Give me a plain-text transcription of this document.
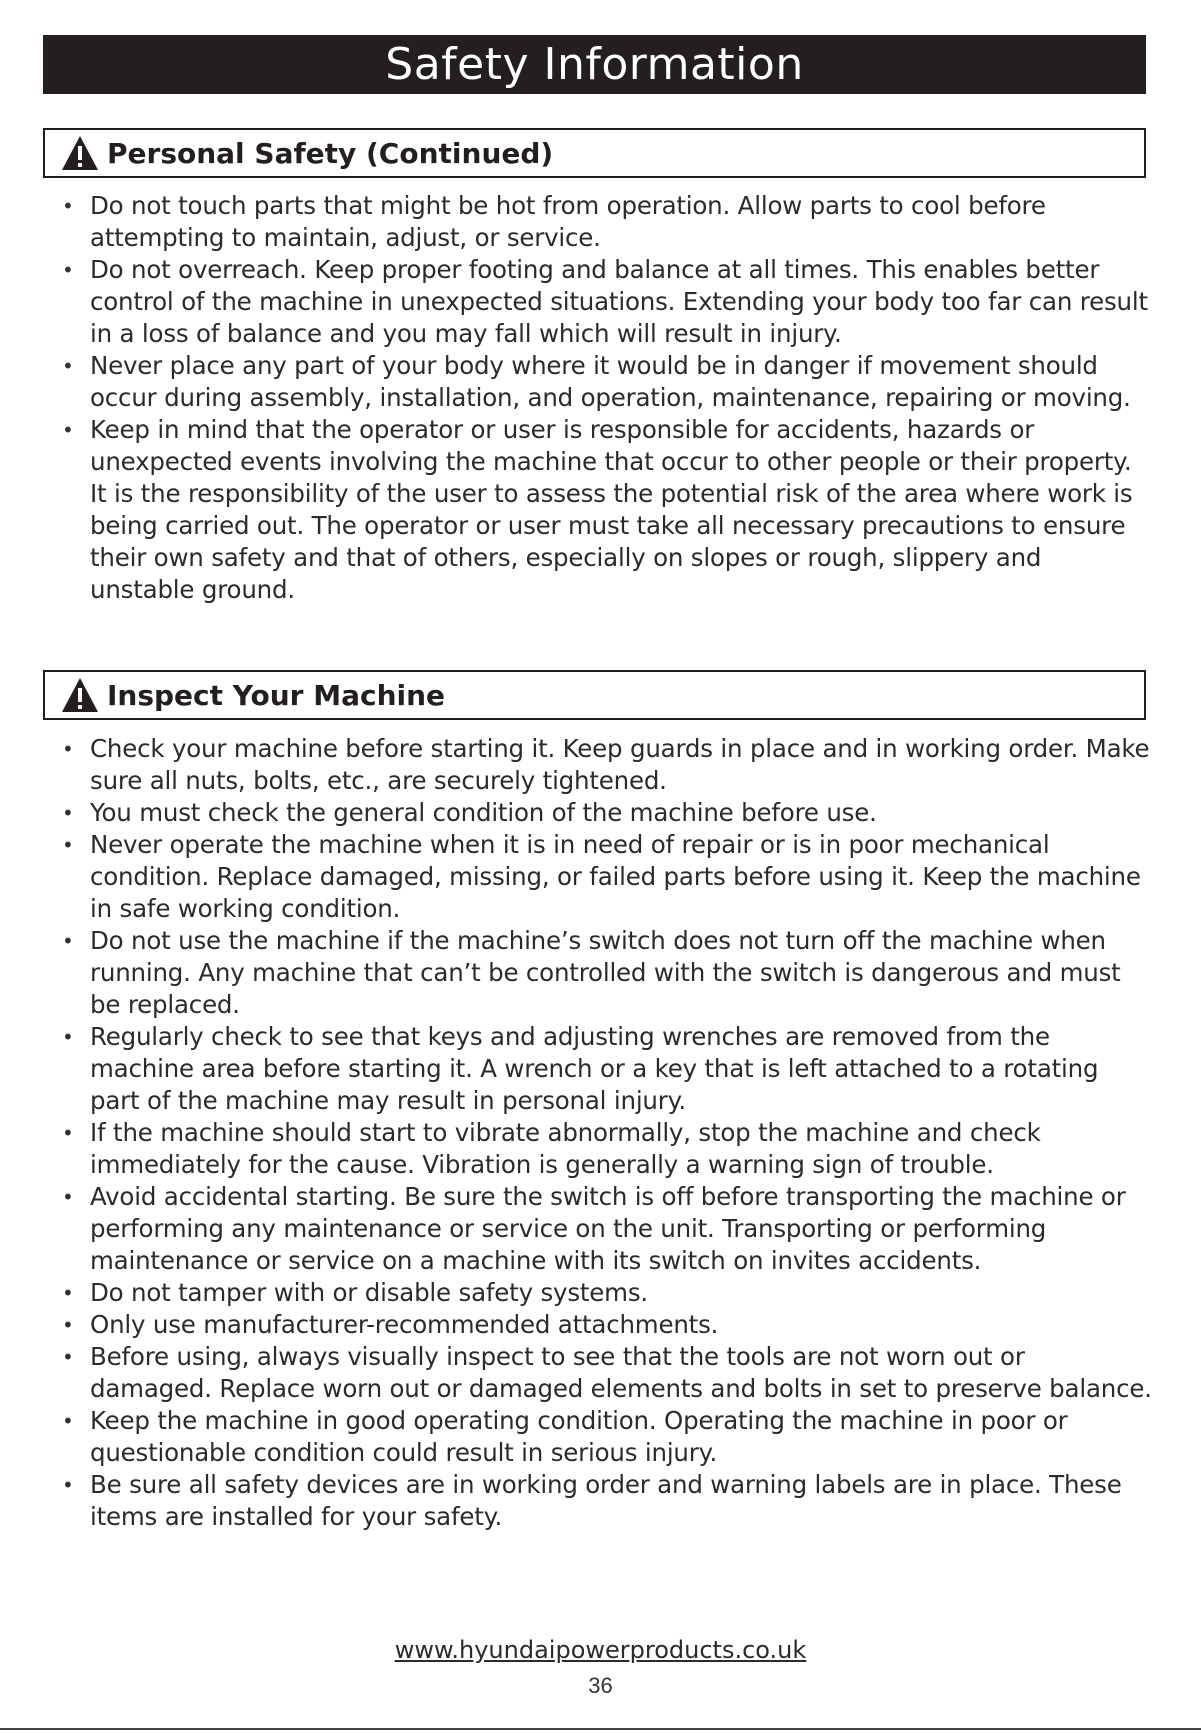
Safety Information
Personal Safety (Continued)
• Do not touch parts that might be hot from operation. Allow parts to cool before attempting to maintain, adjust, or service.
• Do not overreach. Keep proper footing and balance at all times. This enables better control of the machine in unexpected situations. Extending your body too far can result in a loss of balance and you may fall which will result in injury.
• Never place any part of your body where it would be in danger if movement should occur during assembly, installation, and operation, maintenance, repairing or moving.
• Keep in mind that the operator or user is responsible for accidents, hazards or unexpected events involving the machine that occur to other people or their property. It is the responsibility of the user to assess the potential risk of the area where work is being carried out. The operator or user must take all necessary precautions to ensure their own safety and that of others, especially on slopes or rough, slippery and unstable ground.
Inspect Your Machine
• Check your machine before starting it. Keep guards in place and in working order. Make sure all nuts, bolts, etc., are securely tightened.
• You must check the general condition of the machine before use.
• Never operate the machine when it is in need of repair or is in poor mechanical condition. Replace damaged, missing, or failed parts before using it. Keep the machine in safe working condition.
• Do not use the machine if the machine’s switch does not turn off the machine when running. Any machine that can’t be controlled with the switch is dangerous and must be replaced.
• Regularly check to see that keys and adjusting wrenches are removed from the machine area before starting it. A wrench or a key that is left attached to a rotating part of the machine may result in personal injury.
• If the machine should start to vibrate abnormally, stop the machine and check immediately for the cause. Vibration is generally a warning sign of trouble.
• Avoid accidental starting. Be sure the switch is off before transporting the machine or performing any maintenance or service on the unit. Transporting or performing maintenance or service on a machine with its switch on invites accidents.
• Do not tamper with or disable safety systems.
• Only use manufacturer-recommended attachments.
• Before using, always visually inspect to see that the tools are not worn out or damaged. Replace worn out or damaged elements and bolts in set to preserve balance.
• Keep the machine in good operating condition. Operating the machine in poor or questionable condition could result in serious injury.
• Be sure all safety devices are in working order and warning labels are in place. These items are installed for your safety.
www.hyundaipowerproducts.co.uk
36
